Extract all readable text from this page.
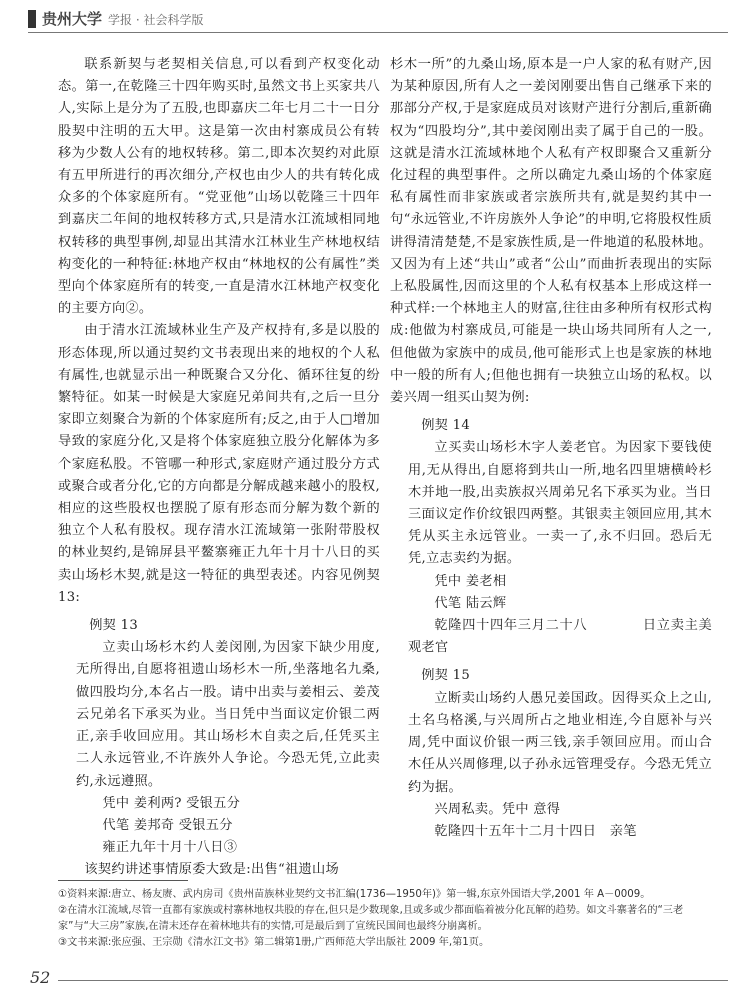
贵州大学 学报 · 社会科学版

联系新契与老契相关信息,可以看到产权变化动态。第一,在乾隆三十四年购买时,虽然文书上买家共八人,实际上是分为了五股,也即嘉庆二年七月二十一日分股契中注明的五大甲。这是第一次由村寨成员公有转移为少数人公有的地权转移。第二,即本次契约对此原有五甲所进行的再次细分,产权也由少人的共有转化成众多的个体家庭所有。“党亚他”山场以乾隆三十四年到嘉庆二年间的地权转移方式,只是清水江流域相同地权转移的典型事例,却显出其清水江林业生产林地权结构变化的一种特征:林地产权由“林地权的公有属性”类型向个体家庭所有的转变,一直是清水江林地产权变化的主要方向②。

由于清水江流域林业生产及产权持有,多是以股的形态体现,所以通过契约文书表现出来的地权的个人私有属性,也就显示出一种既聚合又分化、循环往复的纷繁特征。如某一时候是大家庭兄弟间共有,之后一旦分家即立刻聚合为新的个体家庭所有;反之,由于人□增加导致的家庭分化,又是将个体家庭独立股分化解体为多个家庭私股。不管哪一种形式,家庭财产通过股分方式或聚合或者分化,它的方向都是分解成越来越小的股权,相应的这些股权也摆脱了原有形态而分解为数个新的独立个人私有股权。现存清水江流域第一张附带股权的林业契约,是锦屏县平鳌寨雍正九年十月十八日的买卖山场杉木契,就是这一特征的典型表述。内容见例契13:

例契 13

立卖山场杉木约人姜闵刚,为因家下缺少用度,无所得出,自愿将祖遗山场杉木一所,坐落地名九桑,做四股均分,本名占一股。请中出卖与姜相云、姜茂云兄弟名下承买为业。当日凭中当面议定价银二两正,亲手收回应用。其山场杉木自卖之后,任凭买主二人永远管业,不许族外人争论。今恐无凭,立此卖约,永远遵照。

凭中 姜利两? 受银五分

代笔 姜邦奇 受银五分

雍正九年十月十八日③

该契约讲述事情原委大致是:出售“祖遗山场

杉木一所”的九桑山场,原本是一户人家的私有财产,因为某种原因,所有人之一姜闵刚要出售自己继承下来的那部分产权,于是家庭成员对该财产进行分割后,重新确权为“四股均分”,其中姜闵刚出卖了属于自己的一股。这就是清水江流域林地个人私有产权即聚合又重新分化过程的典型事件。之所以确定九桑山场的个体家庭私有属性而非家族或者宗族所共有,就是契约其中一句“永远管业,不许房族外人争论”的申明,它将股权性质讲得清清楚楚,不是家族性质,是一件地道的私股林地。又因为有上述“共山”或者“公山”而曲折表现出的实际上私股属性,因而这里的个人私有权基本上形成这样一种式样:一个林地主人的财富,往往由多种所有权形式构成:他做为村寨成员,可能是一块山场共同所有人之一,但他做为家族中的成员,他可能形式上也是家族的林地中一般的所有人;但他也拥有一块独立山场的私权。以姜兴周一组买山契为例:

例契 14

立买卖山场杉木字人姜老官。为因家下要钱使用,无从得出,自愿将到共山一所,地名四里塘横岭杉木并地一股,出卖族叔兴周弟兄名下承买为业。当日三面议定作价纹银四两整。其银卖主领回应用,其木凭从买主永远管业。一卖一了,永不归回。恐后无凭,立志卖约为据。

凭中 姜老相

代笔 陆云辉

乾隆四十四年三月二十八　　　　日立卖主美观老官

例契 15

立断卖山场约人愚兄姜国政。因得买众上之山,土名乌格溪,与兴周所占之地业相连,今自愿补与兴周,凭中面议价银一两三钱,亲手领回应用。而山合木任从兴周修理,以子孙永远管理受存。今恐无凭立约为据。

兴周私卖。凭中 意得

乾隆四十五年十二月十四日　亲笔

①资料来源:唐立、杨友赓、武内房司《贵州苗族林业契约文书汇编(1736—1950年)》第一辑,东京外国语大学,2001 年 A－0009。

②在清水江流域,尽管一直都有家族或村寨林地权共股的存在,但只是少数现象,且或多或少都面临着被分化瓦解的趋势。如文斗寨著名的“三老家”与“大三房”家族,在清末还存在着林地共有的实情,可是最后到了宣统民国间也最终分崩离析。

③文书来源:张应强、王宗勋《清水江文书》第二辑第1册,广西师范大学出版社 2009 年,第1页。

52
